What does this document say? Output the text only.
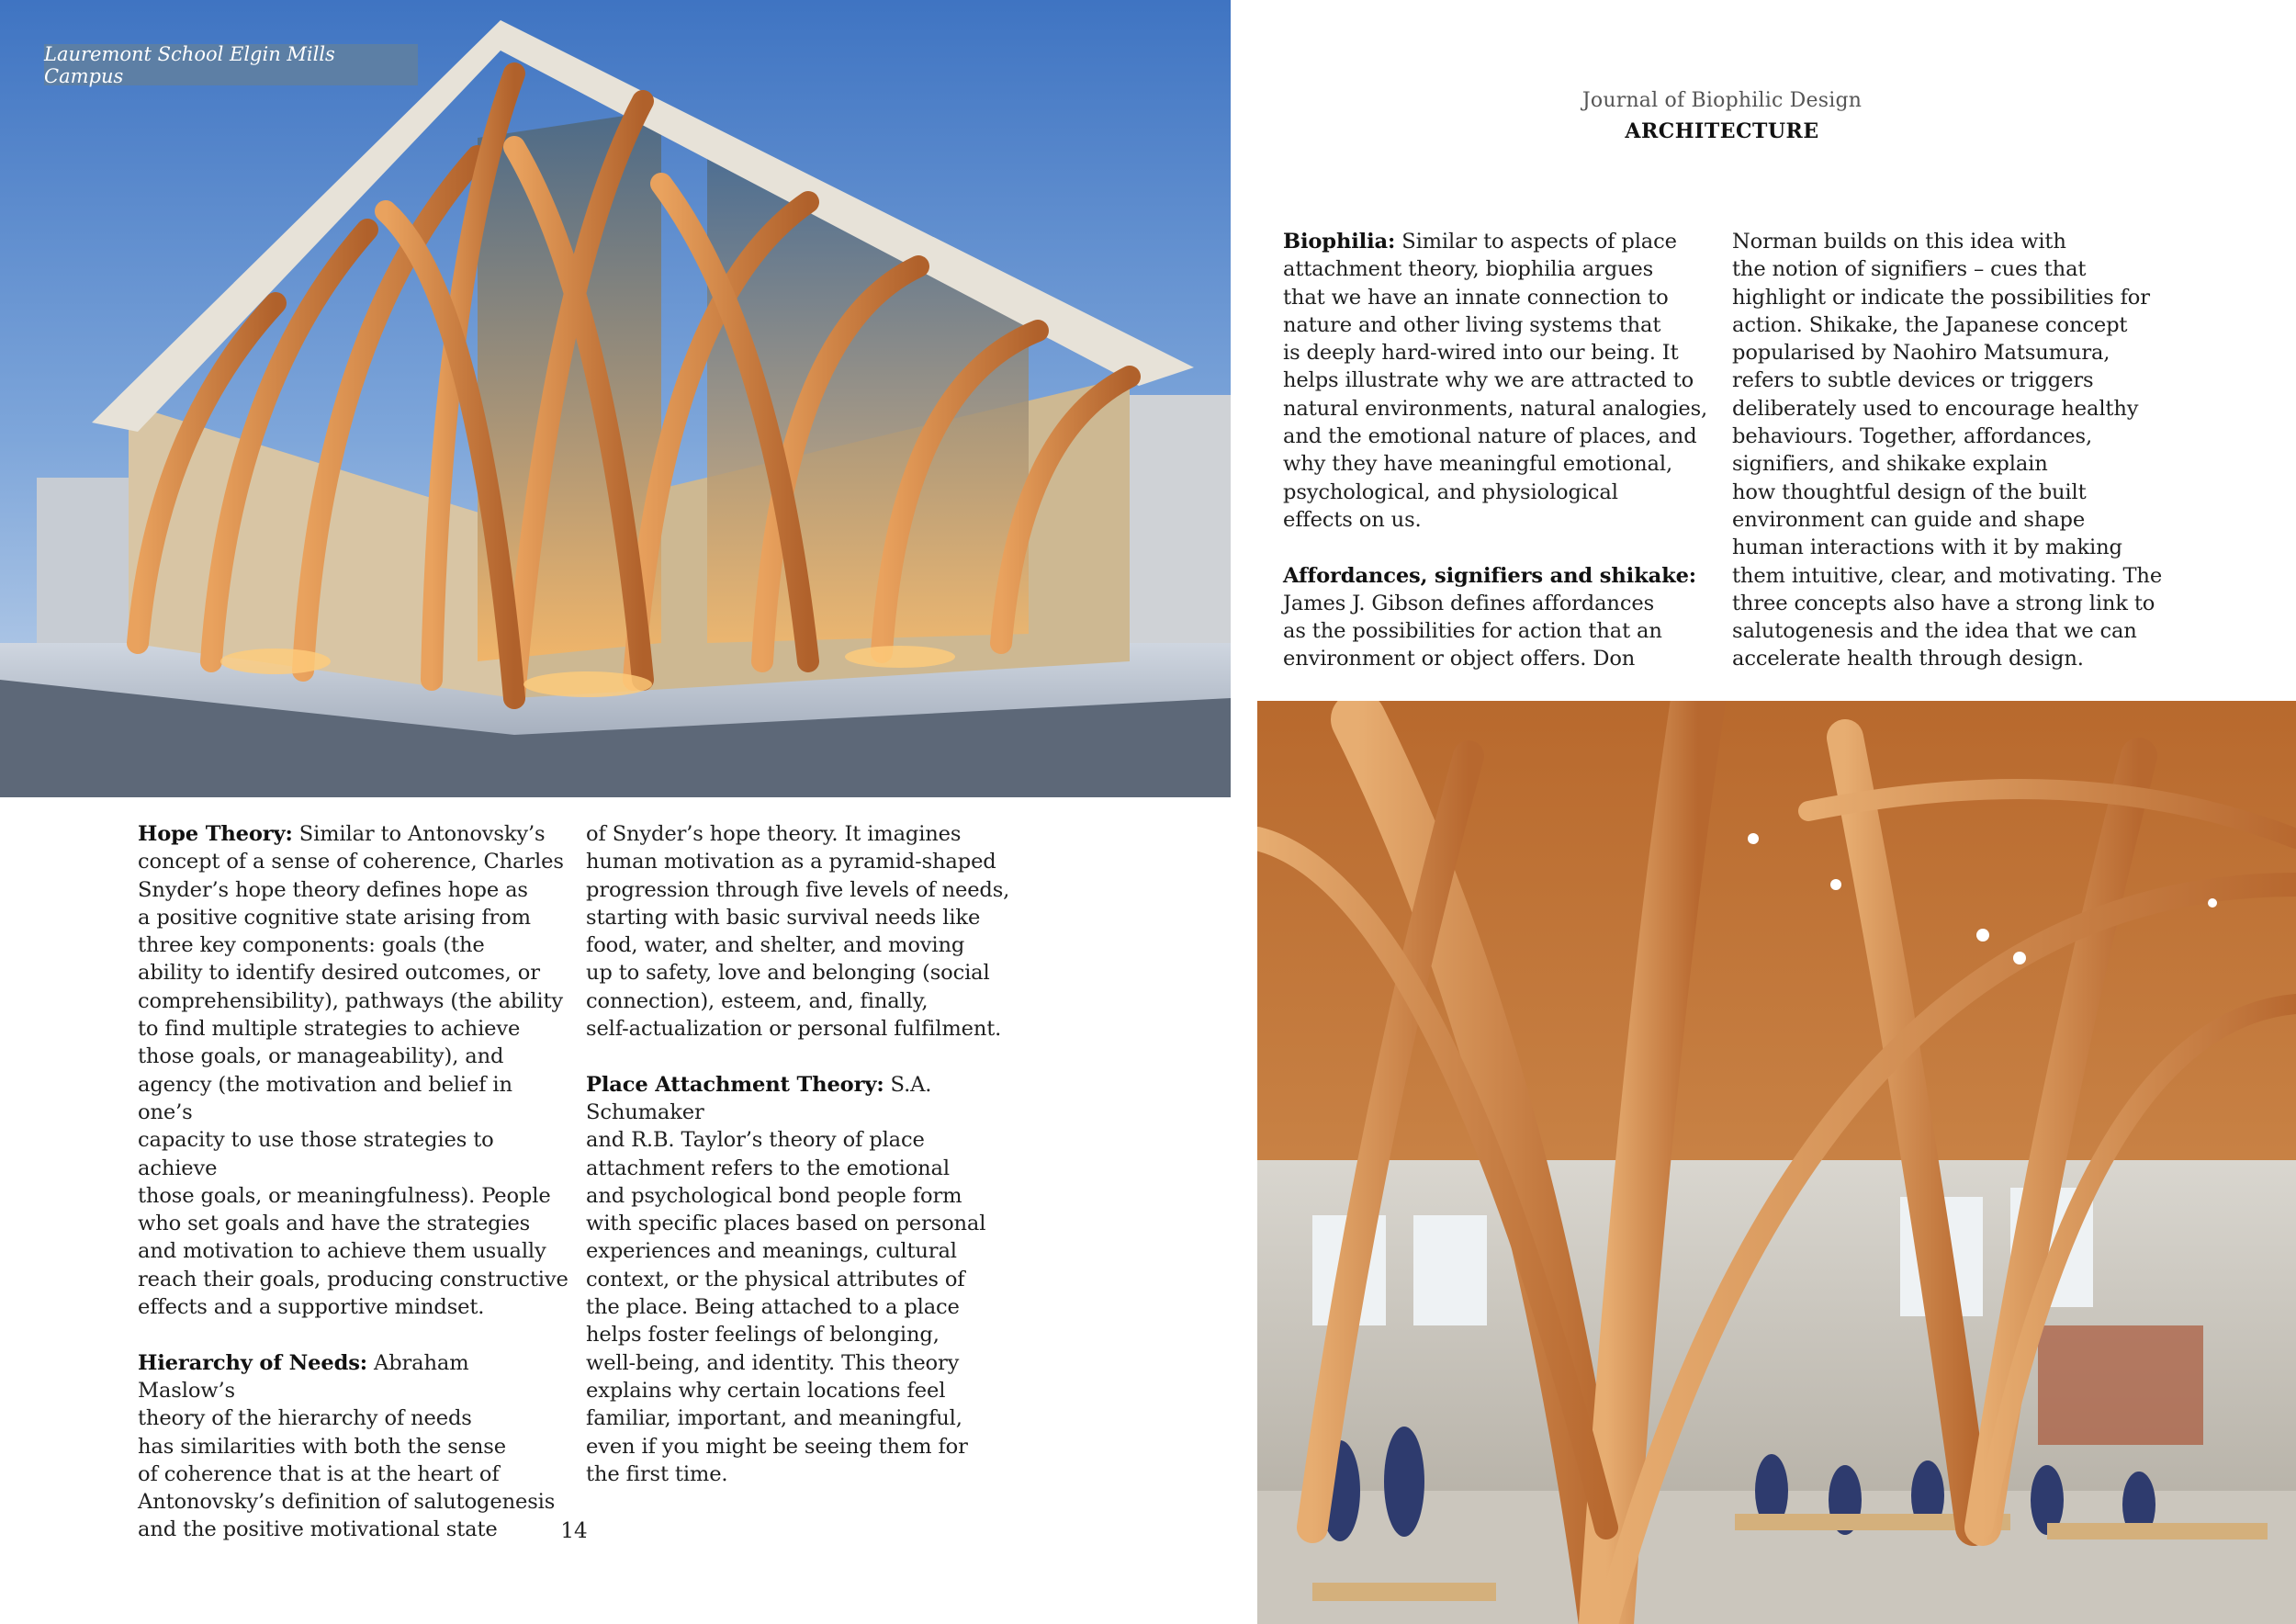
Lauremont School Elgin Mills Campus
Journal of Biophilic Design
ARCHITECTURE

Hope Theory: Similar to Antonovsky’s
concept of a sense of coherence, Charles
Snyder’s hope theory defines hope as
a positive cognitive state arising from
three key components: goals (the
ability to identify desired outcomes, or
comprehensibility), pathways (the ability
to find multiple strategies to achieve
those goals, or manageability), and
agency (the motivation and belief in one’s
capacity to use those strategies to achieve
those goals, or meaningfulness). People
who set goals and have the strategies
and motivation to achieve them usually
reach their goals, producing constructive
effects and a supportive mindset.

Hierarchy of Needs: Abraham Maslow’s
theory of the hierarchy of needs
has similarities with both the sense
of coherence that is at the heart of
Antonovsky’s definition of salutogenesis
and the positive motivational state

of Snyder’s hope theory. It imagines
human motivation as a pyramid-shaped
progression through five levels of needs,
starting with basic survival needs like
food, water, and shelter, and moving
up to safety, love and belonging (social
connection), esteem, and, finally,
self-actualization or personal fulfilment.

Place Attachment Theory: S.A. Schumaker
and R.B. Taylor’s theory of place
attachment refers to the emotional
and psychological bond people form
with specific places based on personal
experiences and meanings, cultural
context, or the physical attributes of
the place. Being attached to a place
helps foster feelings of belonging,
well-being, and identity. This theory
explains why certain locations feel
familiar, important, and meaningful,
even if you might be seeing them for
the first time.

14

Biophilia: Similar to aspects of place
attachment theory, biophilia argues
that we have an innate connection to
nature and other living systems that
is deeply hard-wired into our being. It
helps illustrate why we are attracted to
natural environments, natural analogies,
and the emotional nature of places, and
why they have meaningful emotional,
psychological, and physiological
effects on us.

Affordances, signifiers and shikake:
James J. Gibson defines affordances
as the possibilities for action that an
environment or object offers. Don

Norman builds on this idea with
the notion of signifiers – cues that
highlight or indicate the possibilities for
action. Shikake, the Japanese concept
popularised by Naohiro Matsumura,
refers to subtle devices or triggers
deliberately used to encourage healthy
behaviours. Together, affordances,
signifiers, and shikake explain
how thoughtful design of the built
environment can guide and shape
human interactions with it by making
them intuitive, clear, and motivating. The
three concepts also have a strong link to
salutogenesis and the idea that we can
accelerate health through design.
